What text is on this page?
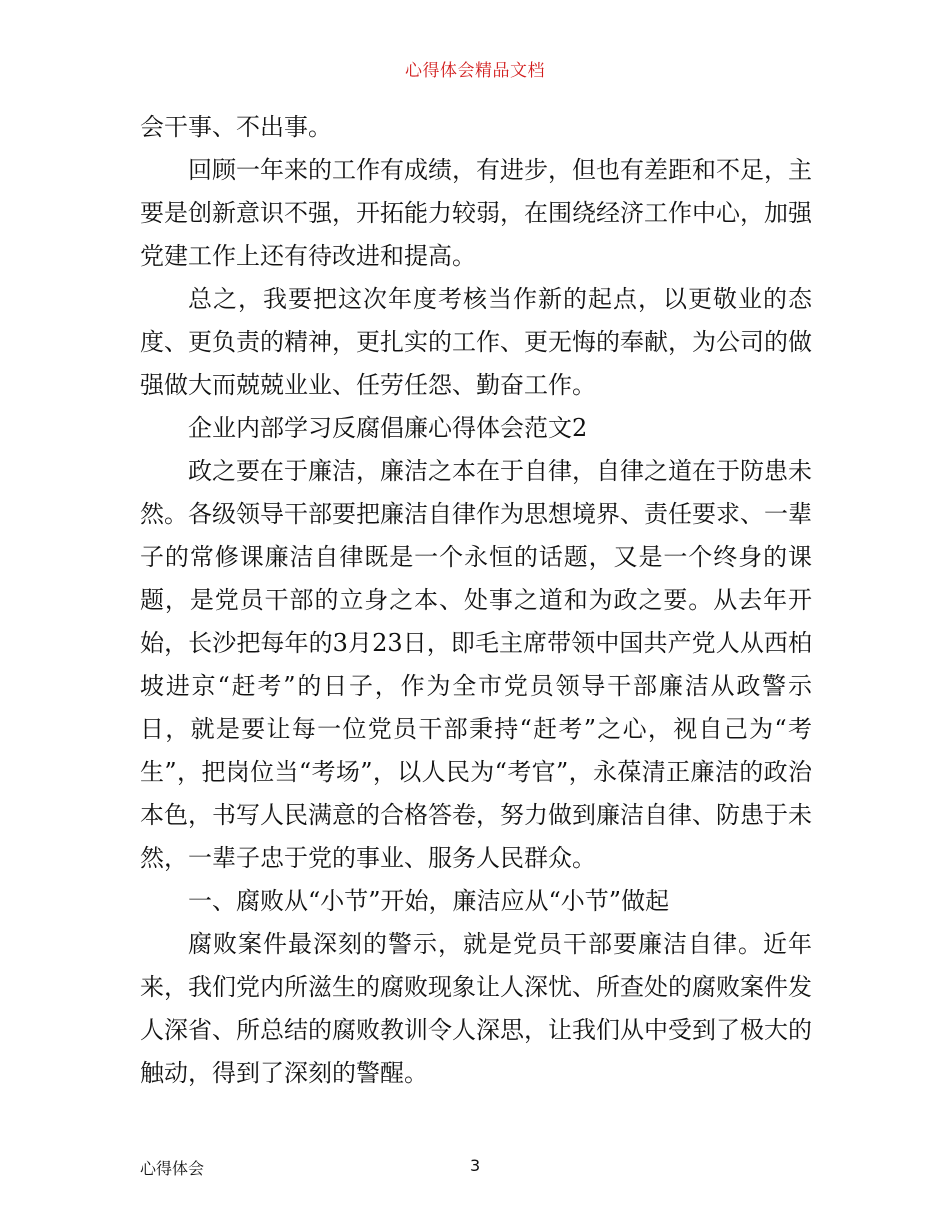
心得体会精品文档

会干事、不出事。

回顾一年来的工作有成绩，有进步，但也有差距和不足，主要是创新意识不强，开拓能力较弱，在围绕经济工作中心，加强党建工作上还有待改进和提高。

总之，我要把这次年度考核当作新的起点，以更敬业的态度、更负责的精神，更扎实的工作、更无悔的奉献，为公司的做强做大而兢兢业业、任劳任怨、勤奋工作。

企业内部学习反腐倡廉心得体会范文2

政之要在于廉洁，廉洁之本在于自律，自律之道在于防患未然。各级领导干部要把廉洁自律作为思想境界、责任要求、一辈子的常修课廉洁自律既是一个永恒的话题，又是一个终身的课题，是党员干部的立身之本、处事之道和为政之要。从去年开始，长沙把每年的3月23日，即毛主席带领中国共产党人从西柏坡进京“赶考”的日子，作为全市党员领导干部廉洁从政警示日，就是要让每一位党员干部秉持“赶考”之心，视自己为“考生”，把岗位当“考场”，以人民为“考官”，永葆清正廉洁的政治本色，书写人民满意的合格答卷，努力做到廉洁自律、防患于未然，一辈子忠于党的事业、服务人民群众。

一、腐败从“小节”开始，廉洁应从“小节”做起

腐败案件最深刻的警示，就是党员干部要廉洁自律。近年来，我们党内所滋生的腐败现象让人深忧、所查处的腐败案件发人深省、所总结的腐败教训令人深思，让我们从中受到了极大的触动，得到了深刻的警醒。

心得体会	3
